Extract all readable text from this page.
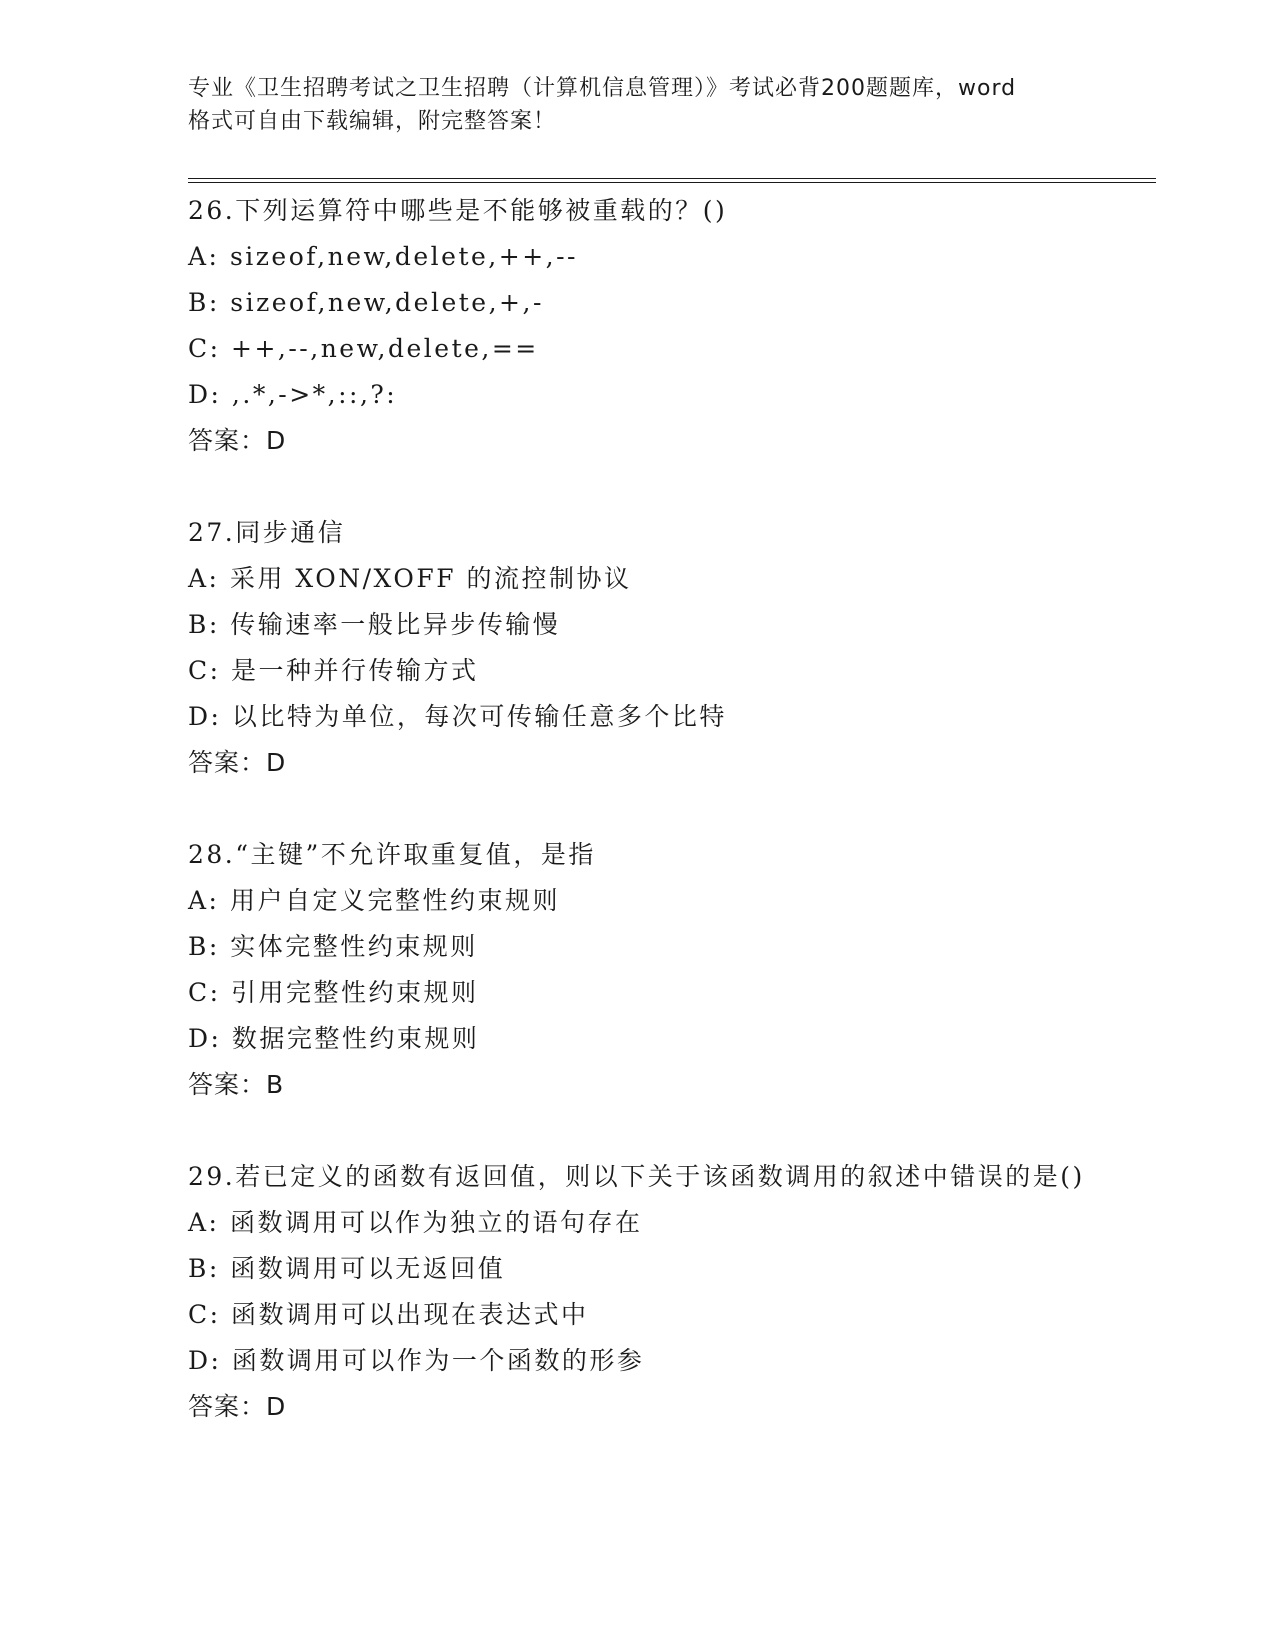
专业《卫生招聘考试之卫生招聘（计算机信息管理）》考试必背200题题库，word
格式可自由下载编辑，附完整答案！
26.下列运算符中哪些是不能够被重载的？()
A:
sizeof,new,delete,++,--
B:
sizeof,new,delete,+,-
C:
++,--,new,delete,==
D:
,.*,->*,::,?:
答案：D
27.同步通信
A:
采用 XON/XOFF 的流控制协议
B:
传输速率一般比异步传输慢
C:
是一种并行传输方式
D:
以比特为单位，每次可传输任意多个比特
答案：D
28.“主键”不允许取重复值，是指
A:
用户自定义完整性约束规则
B:
实体完整性约束规则
C:
引用完整性约束规则
D:
数据完整性约束规则
答案：B
29.若已定义的函数有返回值，则以下关于该函数调用的叙述中错误的是()
A:
函数调用可以作为独立的语句存在
B:
函数调用可以无返回值
C:
函数调用可以出现在表达式中
D:
函数调用可以作为一个函数的形参
答案：D
